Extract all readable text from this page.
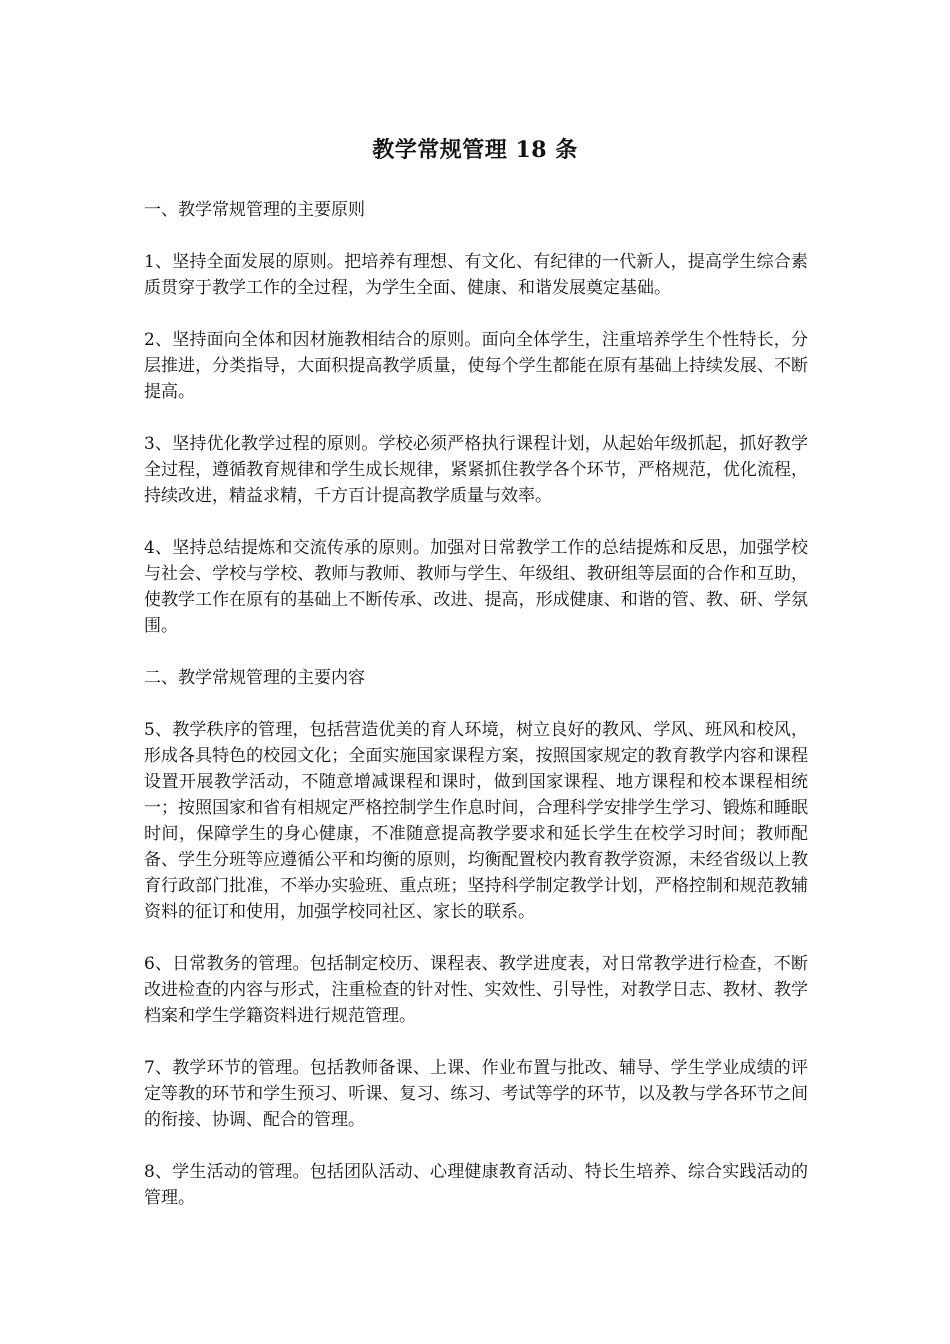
教学常规管理 18 条

一、教学常规管理的主要原则

1、坚持全面发展的原则。把培养有理想、有文化、有纪律的一代新人，提高学生综合素质贯穿于教学工作的全过程，为学生全面、健康、和谐发展奠定基础。

2、坚持面向全体和因材施教相结合的原则。面向全体学生，注重培养学生个性特长，分层推进，分类指导，大面积提高教学质量，使每个学生都能在原有基础上持续发展、不断提高。

3、坚持优化教学过程的原则。学校必须严格执行课程计划，从起始年级抓起，抓好教学全过程，遵循教育规律和学生成长规律，紧紧抓住教学各个环节，严格规范，优化流程，持续改进，精益求精，千方百计提高教学质量与效率。

4、坚持总结提炼和交流传承的原则。加强对日常教学工作的总结提炼和反思，加强学校与社会、学校与学校、教师与教师、教师与学生、年级组、教研组等层面的合作和互助，使教学工作在原有的基础上不断传承、改进、提高，形成健康、和谐的管、教、研、学氛围。

二、教学常规管理的主要内容

5、教学秩序的管理，包括营造优美的育人环境，树立良好的教风、学风、班风和校风，形成各具特色的校园文化；全面实施国家课程方案，按照国家规定的教育教学内容和课程设置开展教学活动，不随意增减课程和课时，做到国家课程、地方课程和校本课程相统一；按照国家和省有相规定严格控制学生作息时间，合理科学安排学生学习、锻炼和睡眠时间，保障学生的身心健康，不准随意提高教学要求和延长学生在校学习时间；教师配备、学生分班等应遵循公平和均衡的原则，均衡配置校内教育教学资源，未经省级以上教育行政部门批准，不举办实验班、重点班；坚持科学制定教学计划，严格控制和规范教辅资料的征订和使用，加强学校同社区、家长的联系。

6、日常教务的管理。包括制定校历、课程表、教学进度表，对日常教学进行检查，不断改进检查的内容与形式，注重检查的针对性、实效性、引导性，对教学日志、教材、教学档案和学生学籍资料进行规范管理。

7、教学环节的管理。包括教师备课、上课、作业布置与批改、辅导、学生学业成绩的评定等教的环节和学生预习、听课、复习、练习、考试等学的环节，以及教与学各环节之间的衔接、协调、配合的管理。

8、学生活动的管理。包括团队活动、心理健康教育活动、特长生培养、综合实践活动的管理。
